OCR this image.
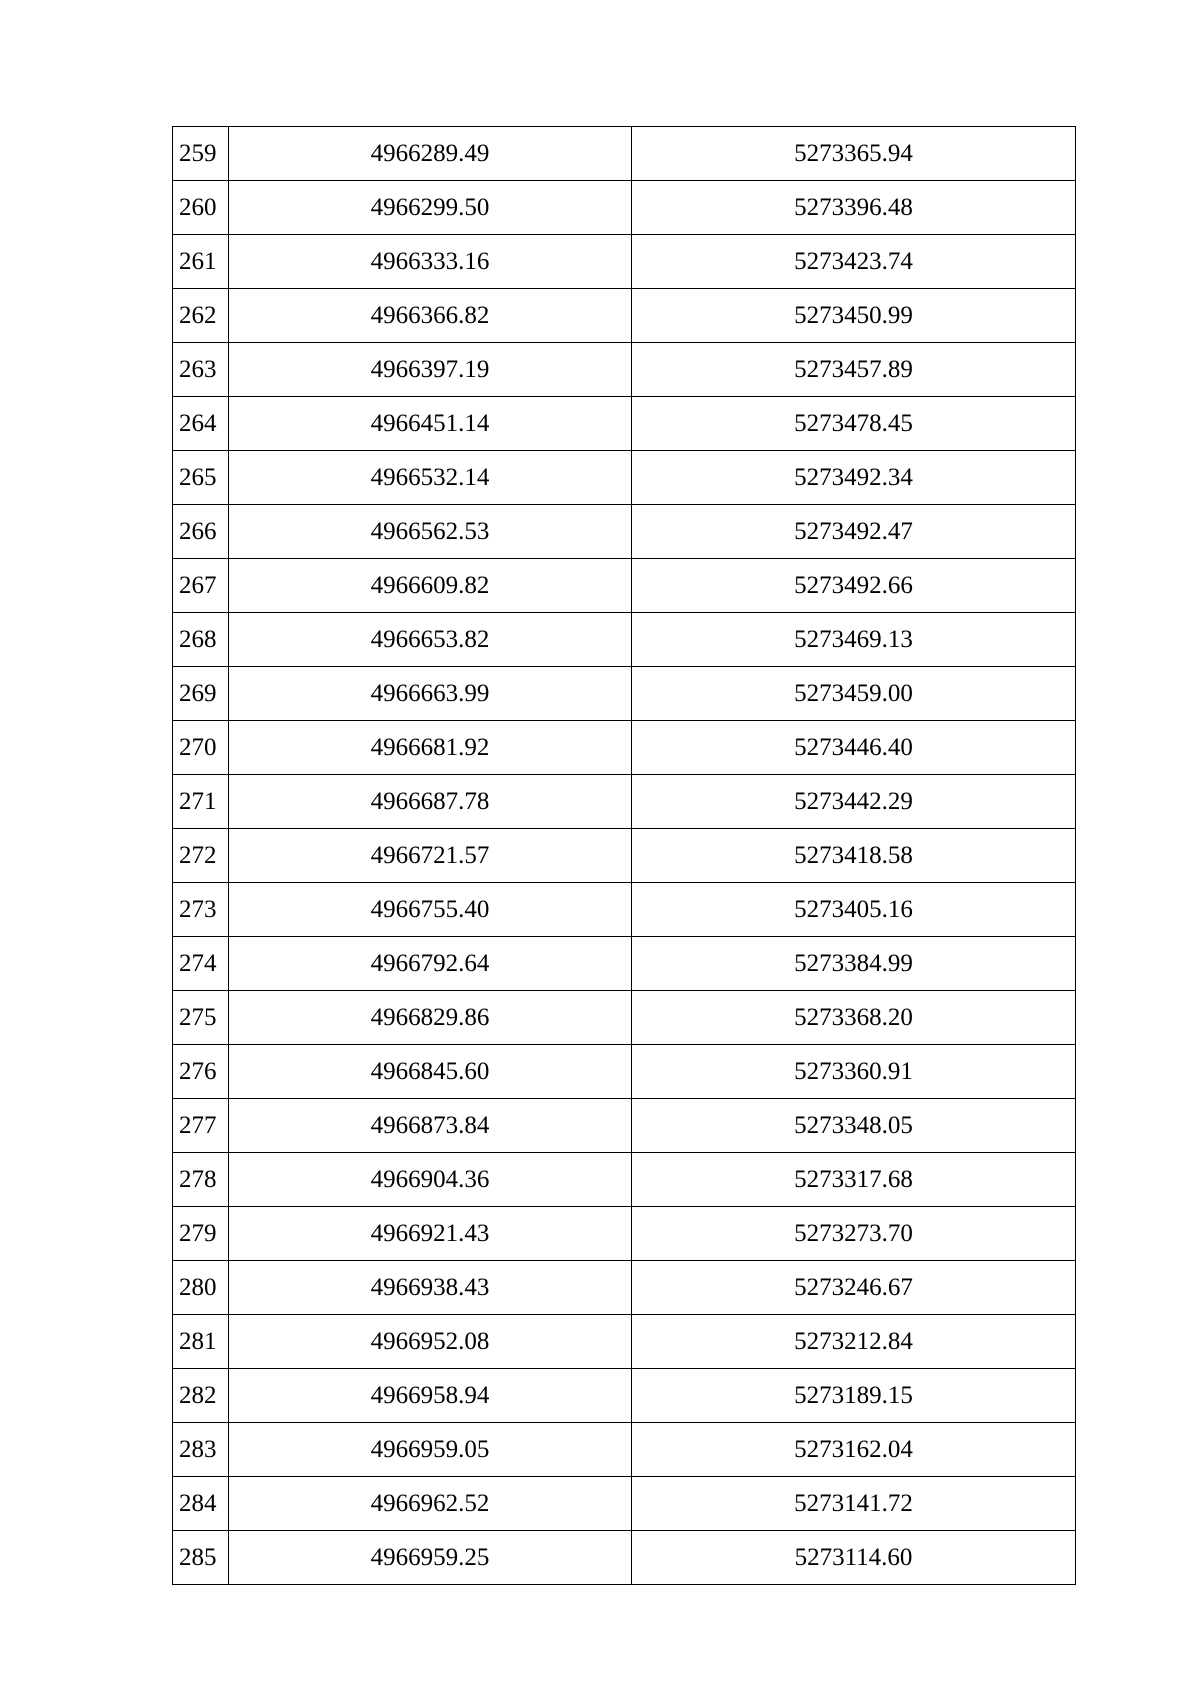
259	4966289.49	5273365.94
260	4966299.50	5273396.48
261	4966333.16	5273423.74
262	4966366.82	5273450.99
263	4966397.19	5273457.89
264	4966451.14	5273478.45
265	4966532.14	5273492.34
266	4966562.53	5273492.47
267	4966609.82	5273492.66
268	4966653.82	5273469.13
269	4966663.99	5273459.00
270	4966681.92	5273446.40
271	4966687.78	5273442.29
272	4966721.57	5273418.58
273	4966755.40	5273405.16
274	4966792.64	5273384.99
275	4966829.86	5273368.20
276	4966845.60	5273360.91
277	4966873.84	5273348.05
278	4966904.36	5273317.68
279	4966921.43	5273273.70
280	4966938.43	5273246.67
281	4966952.08	5273212.84
282	4966958.94	5273189.15
283	4966959.05	5273162.04
284	4966962.52	5273141.72
285	4966959.25	5273114.60
